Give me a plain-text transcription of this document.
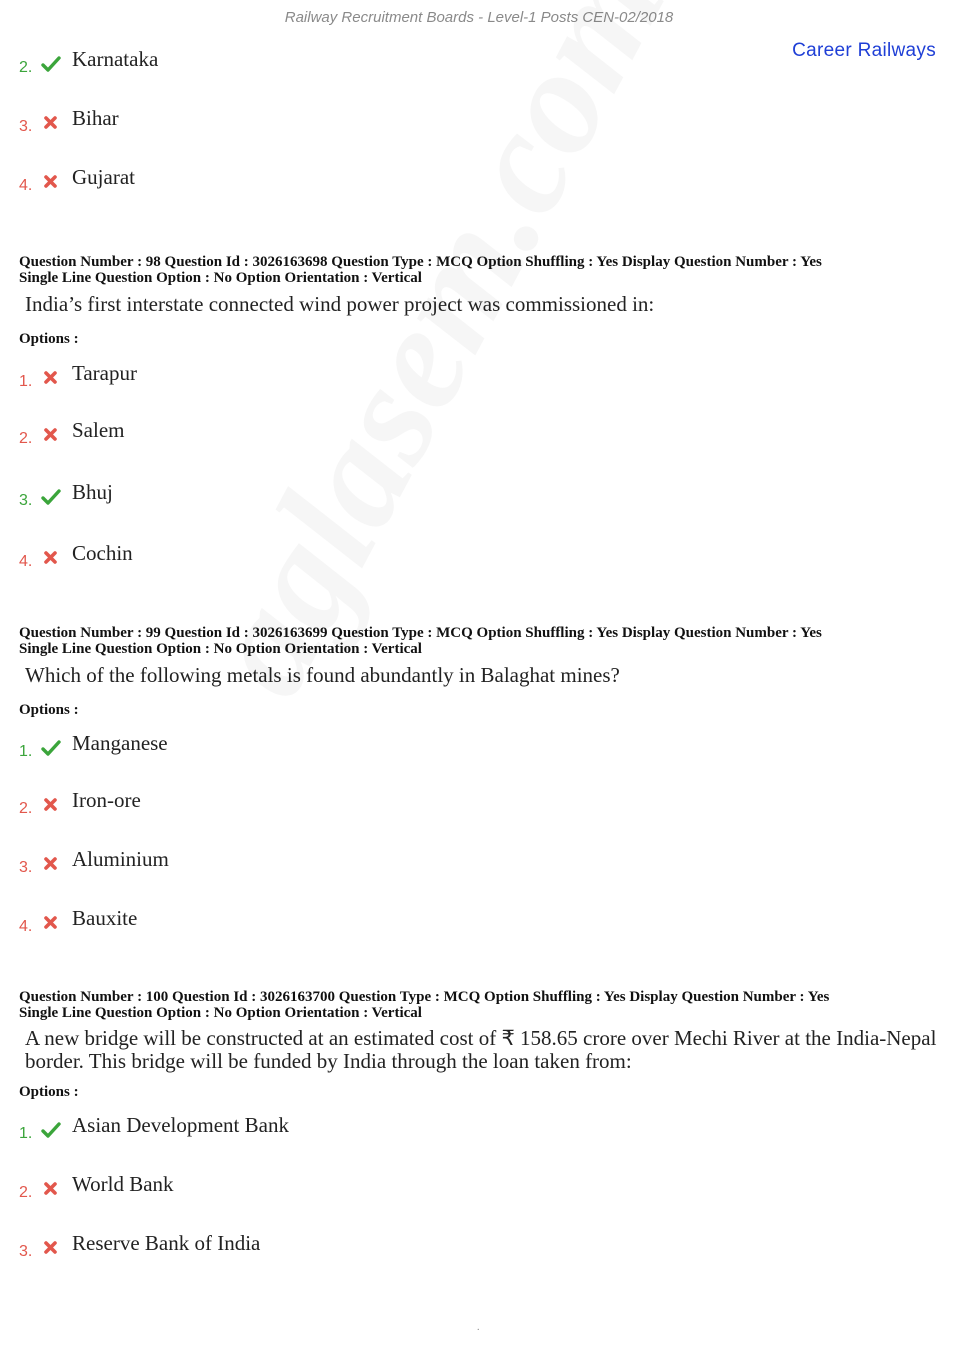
Railway Recruitment Boards - Level-1 Posts CEN-02/2018
Career Railways
2. Karnataka
3. Bihar
4. Gujarat
Question Number : 98 Question Id : 3026163698 Question Type : MCQ Option Shuffling : Yes Display Question Number : Yes
Single Line Question Option : No Option Orientation : Vertical
India’s first interstate connected wind power project was commissioned in:
Options :
1. Tarapur
2. Salem
3. Bhuj
4. Cochin
Question Number : 99 Question Id : 3026163699 Question Type : MCQ Option Shuffling : Yes Display Question Number : Yes
Single Line Question Option : No Option Orientation : Vertical
Which of the following metals is found abundantly in Balaghat mines?
Options :
1. Manganese
2. Iron-ore
3. Aluminium
4. Bauxite
Question Number : 100 Question Id : 3026163700 Question Type : MCQ Option Shuffling : Yes Display Question Number : Yes
Single Line Question Option : No Option Orientation : Vertical
A new bridge will be constructed at an estimated cost of ₹ 158.65 crore over Mechi River at the India-Nepal border. This bridge will be funded by India through the loan taken from:
Options :
1. Asian Development Bank
2. World Bank
3. Reserve Bank of India
.
